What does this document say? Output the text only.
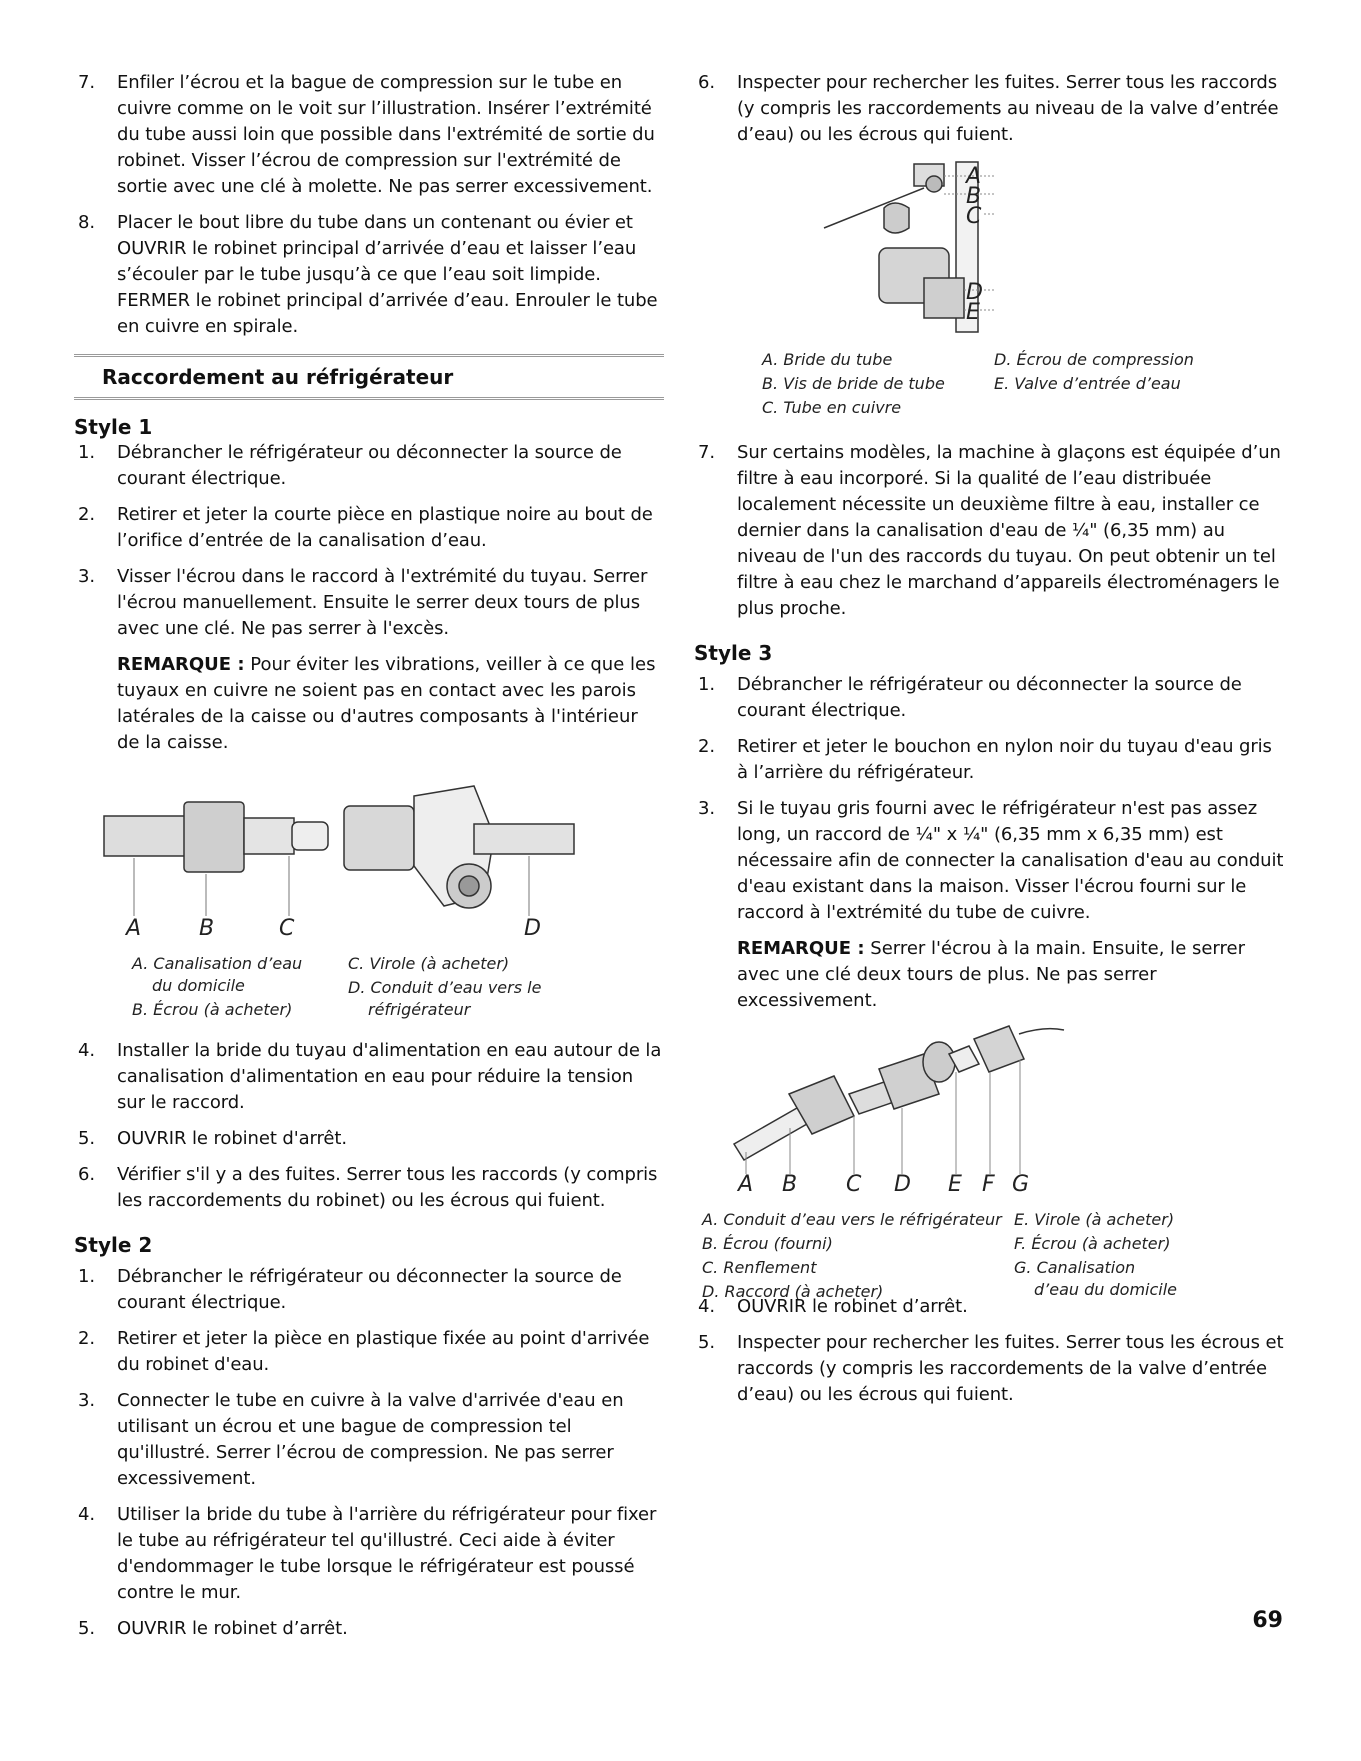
7. Enfiler l’écrou et la bague de compression sur le tube en cuivre comme on le voit sur l’illustration. Insérer l’extrémité du tube aussi loin que possible dans l'extrémité de sortie du robinet. Visser l’écrou de compression sur l'extrémité de sortie avec une clé à molette. Ne pas serrer excessivement.
8. Placer le bout libre du tube dans un contenant ou évier et OUVRIR le robinet principal d’arrivée d’eau et laisser l’eau s’écouler par le tube jusqu’à ce que l’eau soit limpide. FERMER le robinet principal d’arrivée d’eau. Enrouler le tube en cuivre en spirale.
Raccordement au réfrigérateur
Style 1
1. Débrancher le réfrigérateur ou déconnecter la source de courant électrique.
2. Retirer et jeter la courte pièce en plastique noire au bout de l’orifice d’entrée de la canalisation d’eau.
3. Visser l'écrou dans le raccord à l'extrémité du tuyau. Serrer l'écrou manuellement. Ensuite le serrer deux tours de plus avec une clé. Ne pas serrer à l'excès.
REMARQUE : Pour éviter les vibrations, veiller à ce que les tuyaux en cuivre ne soient pas en contact avec les parois latérales de la caisse ou d'autres composants à l'intérieur de la caisse.
A	B	C	D
A. Canalisation d’eau
du domicile
B. Écrou (à acheter)
C. Virole (à acheter)
D. Conduit d’eau vers le
réfrigérateur
4. Installer la bride du tuyau d'alimentation en eau autour de la canalisation d'alimentation en eau pour réduire la tension sur le raccord.
5. OUVRIR le robinet d'arrêt.
6. Vérifier s'il y a des fuites. Serrer tous les raccords (y compris les raccordements du robinet) ou les écrous qui fuient.
Style 2
1. Débrancher le réfrigérateur ou déconnecter la source de courant électrique.
2. Retirer et jeter la pièce en plastique fixée au point d'arrivée du robinet d'eau.
3. Connecter le tube en cuivre à la valve d'arrivée d'eau en utilisant un écrou et une bague de compression tel qu'illustré. Serrer l’écrou de compression. Ne pas serrer excessivement.
4. Utiliser la bride du tube à l'arrière du réfrigérateur pour fixer le tube au réfrigérateur tel qu'illustré. Ceci aide à éviter d'endommager le tube lorsque le réfrigérateur est poussé contre le mur.
5. OUVRIR le robinet d’arrêt.
6. Inspecter pour rechercher les fuites. Serrer tous les raccords (y compris les raccordements au niveau de la valve d’entrée d’eau) ou les écrous qui fuient.
A
B
C
D
E
A. Bride du tube
B. Vis de bride de tube
C. Tube en cuivre
D. Écrou de compression
E. Valve d’entrée d’eau
7. Sur certains modèles, la machine à glaçons est équipée d’un filtre à eau incorporé. Si la qualité de l’eau distribuée localement nécessite un deuxième filtre à eau, installer ce dernier dans la canalisation d'eau de ¼" (6,35 mm) au niveau de l'un des raccords du tuyau. On peut obtenir un tel filtre à eau chez le marchand d’appareils électroménagers le plus proche.
Style 3
1. Débrancher le réfrigérateur ou déconnecter la source de courant électrique.
2. Retirer et jeter le bouchon en nylon noir du tuyau d'eau gris à l’arrière du réfrigérateur.
3. Si le tuyau gris fourni avec le réfrigérateur n'est pas assez long, un raccord de ¼" x ¼" (6,35 mm x 6,35 mm) est nécessaire afin de connecter la canalisation d'eau au conduit d'eau existant dans la maison. Visser l'écrou fourni sur le raccord à l'extrémité du tube de cuivre.
REMARQUE : Serrer l'écrou à la main. Ensuite, le serrer avec une clé deux tours de plus. Ne pas serrer excessivement.
A B C D E F G
A. Conduit d’eau vers le réfrigérateur
B. Écrou (fourni)
C. Renflement
D. Raccord (à acheter)
E. Virole (à acheter)
F. Écrou (à acheter)
G. Canalisation
d’eau du domicile
4. OUVRIR le robinet d’arrêt.
5. Inspecter pour rechercher les fuites. Serrer tous les écrous et raccords (y compris les raccordements de la valve d’entrée d’eau) ou les écrous qui fuient.
69
